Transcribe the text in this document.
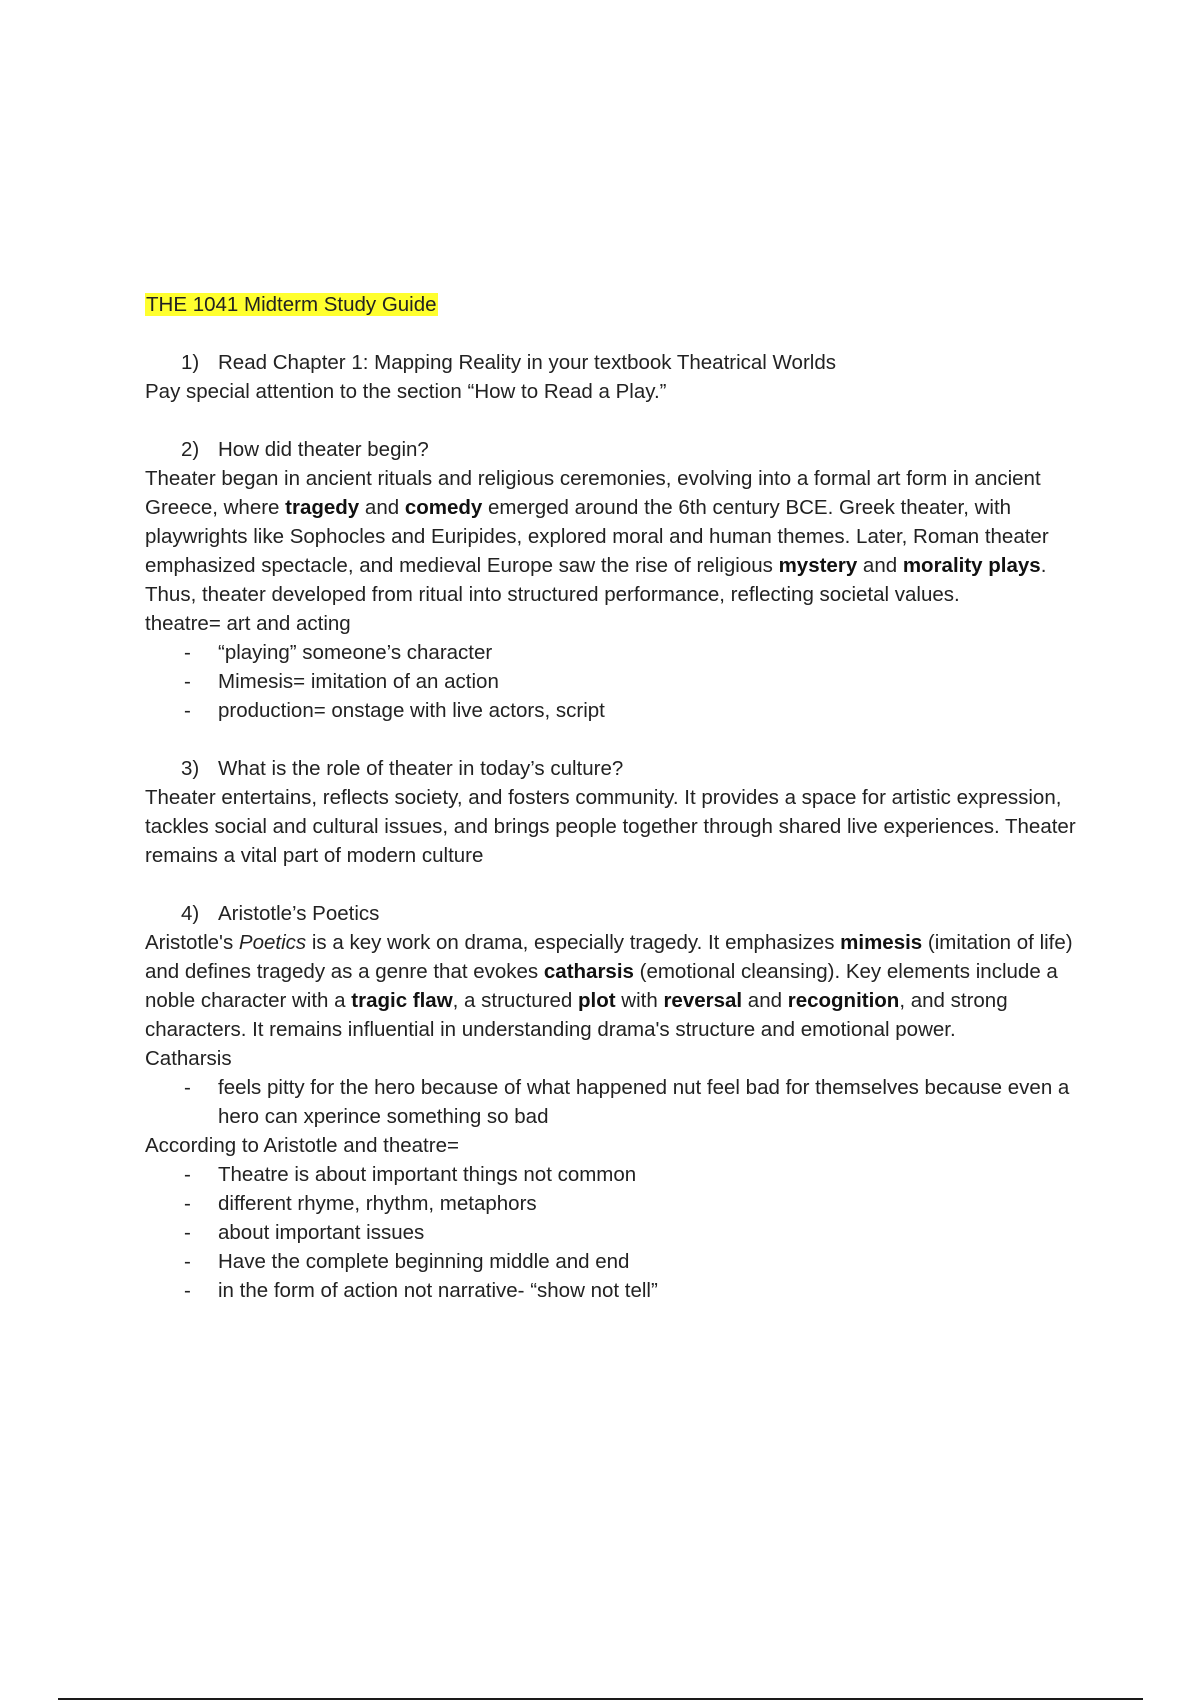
THE 1041 Midterm Study Guide
1) Read Chapter 1: Mapping Reality in your textbook Theatrical Worlds

Pay special attention to the section “How to Read a Play.”

2) How did theater begin?

Theater began in ancient rituals and religious ceremonies, evolving into a formal art form in ancient Greece, where tragedy and comedy emerged around the 6th century BCE. Greek theater, with playwrights like Sophocles and Euripides, explored moral and human themes. Later, Roman theater emphasized spectacle, and medieval Europe saw the rise of religious mystery and morality plays. Thus, theater developed from ritual into structured performance, reflecting societal values.

theatre= art and acting
- “playing” someone’s character
- Mimesis= imitation of an action
- production= onstage with live actors, script
3) What is the role of theater in today’s culture?

Theater entertains, reflects society, and fosters community. It provides a space for artistic expression, tackles social and cultural issues, and brings people together through shared live experiences. Theater remains a vital part of modern culture

4) Aristotle’s Poetics

Aristotle's Poetics is a key work on drama, especially tragedy. It emphasizes mimesis (imitation of life) and defines tragedy as a genre that evokes catharsis (emotional cleansing). Key elements include a noble character with a tragic flaw, a structured plot with reversal and recognition, and strong characters. It remains influential in understanding drama's structure and emotional power.

Catharsis
- feels pitty for the hero because of what happened nut feel bad for themselves because even a hero can xperince something so bad
According to Aristotle and theatre=
- Theatre is about important things not common
- different rhyme, rhythm, metaphors
- about important issues
- Have the complete beginning middle and end
- in the form of action not narrative- “show not tell”
